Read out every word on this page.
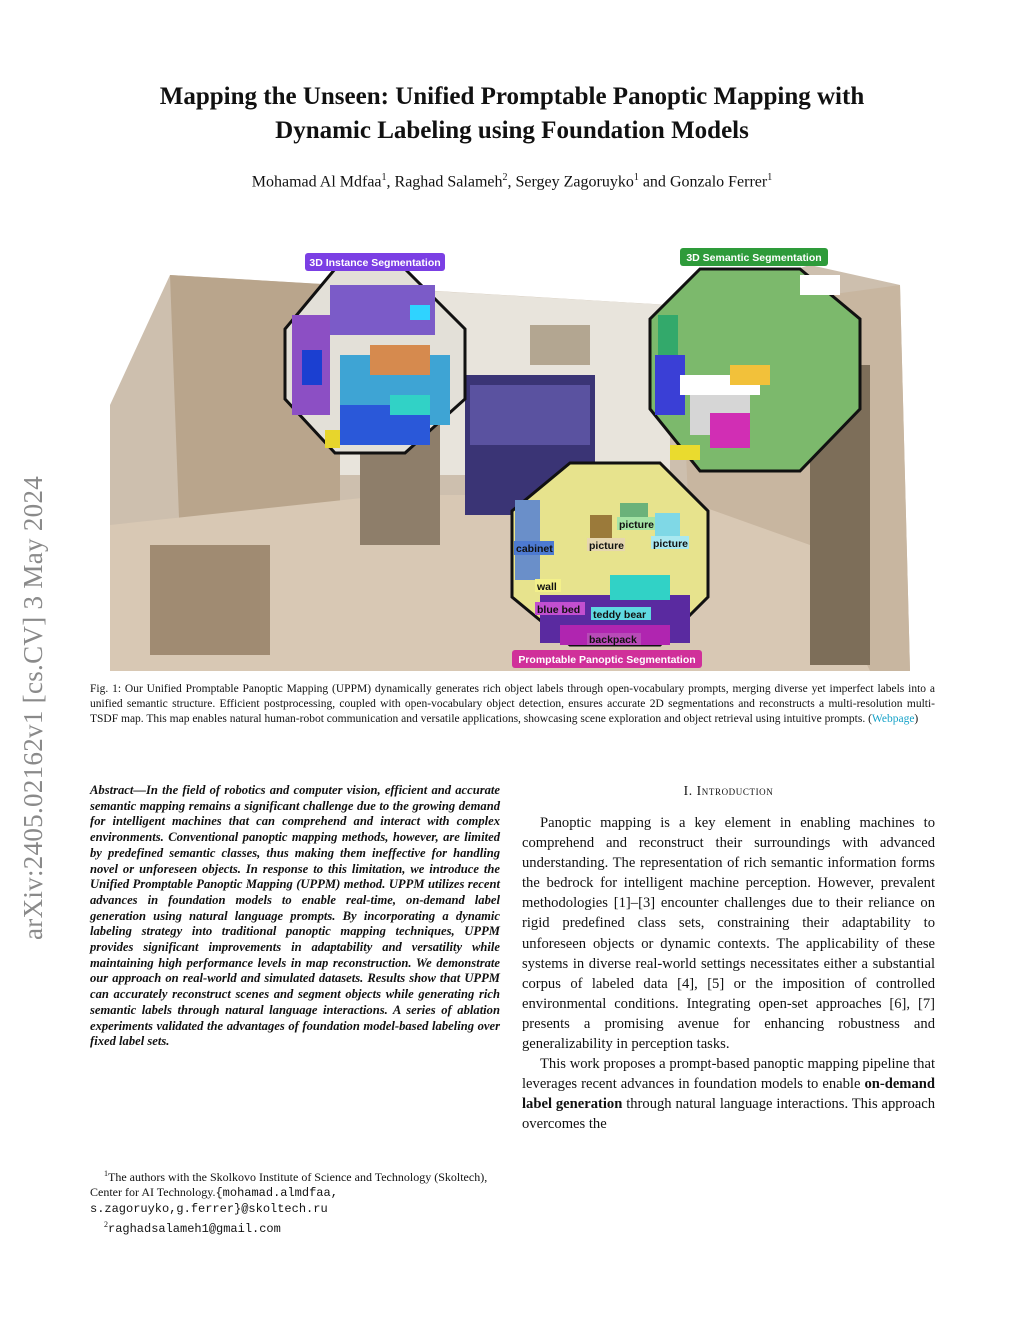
Mapping the Unseen: Unified Promptable Panoptic Mapping with
Dynamic Labeling using Foundation Models
Mohamad Al Mdfaa$^1$, Raghad Salameh$^2$, Sergey Zagoruyko$^1$ and Gonzalo Ferrer$^1$
arXiv:2405.02162v1 [cs.CV] 3 May 2024
3D Instance Segmentation	3D Semantic Segmentation
Promptable Panoptic Segmentation
cabinet
picture
picture	picture
wall
blue bed teddy bear
backpack
Fig. 1: Our Unified Promptable Panoptic Mapping (UPPM) dynamically generates rich object labels through open-vocabulary prompts, merging diverse yet imperfect labels into a unified semantic structure. Efficient postprocessing, coupled with open-vocabulary object detection, ensures accurate 2D segmentations and reconstructs a multi-resolution multi-TSDF map. This map enables natural human-robot communication and versatile applications, showcasing scene exploration and object retrieval using intuitive prompts. (Webpage)
Abstract—In the field of robotics and computer vision, efficient and accurate semantic mapping remains a significant challenge due to the growing demand for intelligent machines that can comprehend and interact with complex environments. Conventional panoptic mapping methods, however, are limited by predefined semantic classes, thus making them ineffective for handling novel or unforeseen objects. In response to this limitation, we introduce the Unified Promptable Panoptic Mapping (UPPM) method. UPPM utilizes recent advances in foundation models to enable real-time, on-demand label generation using natural language prompts. By incorporating a dynamic labeling strategy into traditional panoptic mapping techniques, UPPM provides significant improvements in adaptability and versatility while maintaining high performance levels in map reconstruction. We demonstrate our approach on real-world and simulated datasets. Results show that UPPM can accurately reconstruct scenes and segment objects while generating rich semantic labels through natural language interactions. A series of ablation experiments validated the advantages of foundation model-based labeling over fixed label sets.
I. Introduction

Panoptic mapping is a key element in enabling machines to comprehend and reconstruct their surroundings with advanced understanding. The representation of rich semantic information forms the bedrock for intelligent machine perception. However, prevalent methodologies [1]–[3] encounter challenges due to their reliance on rigid predefined class sets, constraining their adaptability to unforeseen objects or dynamic contexts. The applicability of these systems in diverse real-world settings necessitates either a substantial corpus of labeled data [4], [5] or the imposition of controlled environmental conditions. Integrating open-set approaches [6], [7] presents a promising avenue for enhancing robustness and generalizability in perception tasks.

This work proposes a prompt-based panoptic mapping pipeline that leverages recent advances in foundation models to enable on-demand label generation through natural language interactions. This approach overcomes the

$^1$The authors with the Skolkovo Institute of Science and Technology (Skoltech), Center for AI Technology.{mohamad.almdfaa, s.zagoruyko,g.ferrer}@skoltech.ru

$^2$raghadsalameh1@gmail.com
